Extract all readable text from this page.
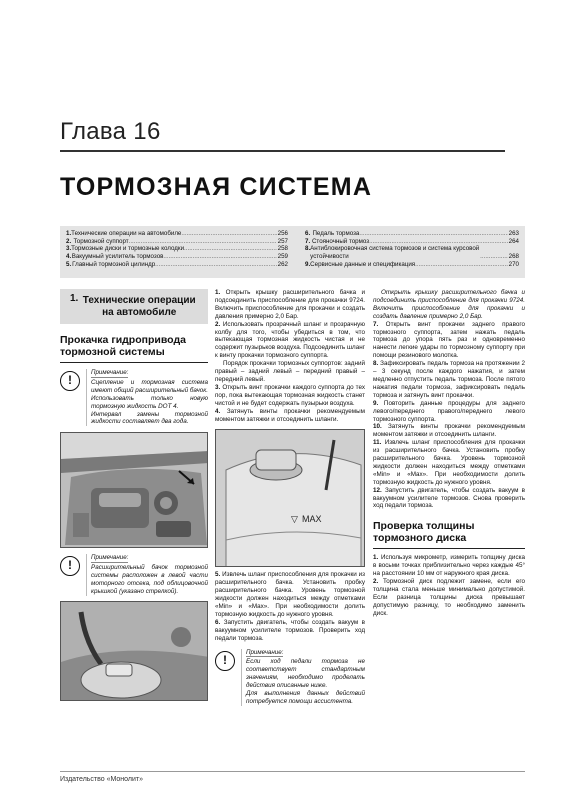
Глава 16
ТОРМОЗНАЯ СИСТЕМА
1. Технические операции на автомобиле .....	256
2. Тормозной суппорт .....	257
3. Тормозные диски и тормозные колодки .....	258
4. Вакуумный усилитель тормозов .....	259
5. Главный тормозной цилиндр .....	262
6. Педаль тормоза .....	263
7. Стояночный тормоз .....	264
8. Антиблокировочная система тормозов и система курсовой устойчивости .....	268
9. Сервисные данные и спецификация .....	270
1. Технические операции на автомобиле
Прокачка гидропривода тормозной системы
!
Примечание:

Сцепление и тормозная система имеют общий расширительный бачок.

Использовать только новую тормозную жидкость DOT 4.

Интервал замены тормозной жидкости составляет два года.

!
Примечание:

Расширительный бачок тормозной системы расположен в левой части моторного отсека, под облицовочной крышкой (указано стрелкой).

1. Открыть крышку расширительного бачка и подсоединить приспособление для прокачки 9724. Включить приспособление для прокачки и создать давления примерно 2,0 Бар.

2. Использовать прозрачный шланг и прозрачную колбу для того, чтобы убедиться в том, что вытекающая тормозная жидкость чистая и не содержит пузырьков воздуха. Подсоединить шланг к винту прокачки тормозного суппорта.

Порядок прокачки тормозных суппортов: задний правый – задний левый – передний правый – передний левый.

3. Открыть винт прокачки каждого суппорта до тех пор, пока вытекающая тормозная жидкость станет чистой и не будет содержать пузырьки воздуха.

4. Затянуть винты прокачки рекомендуемым моментом затяжки и отсоединить шланги.

▽ MAX

5. Извлечь шланг приспособления для прокачки из расширительного бачка. Установить пробку расширительного бачка. Уровень тормозной жидкости должен находиться между отметками «Min» и «Max». При необходимости долить тормозную жидкость до нужного уровня.

6. Запустить двигатель, чтобы создать вакуум в вакуумном усилителе тормозов. Проверить ход педали тормоза.

!
Примечание:

Если ход педали тормоза не соответствует стандартным значениям, необходимо проделать действия описанные ниже.

Для выполнения данных действий потребуется помощи ассистента.

Открыть крышку расширительного бачка и подсоединить приспособление для прокачки 9724. Включить приспособление для прокачки и создать давление примерно 2,0 Бар.

7. Открыть винт прокачки заднего правого тормозного суппорта, затем нажать педаль тормоза до упора пять раз и одновременно нанести легкие удары по тормозному суппорту при помощи резинового молотка.

8. Зафиксировать педаль тормоза на протяжении 2 – 3 секунд после каждого нажатия, и затем медленно отпустить педаль тормоза. После пятого нажатия педали тормоза, зафиксировать педаль тормоза и затянуть винт прокачки.

9. Повторить данные процедуры для заднего левого/переднего правого/переднего левого тормозного суппорта.

10. Затянуть винты прокачки рекомендуемым моментом затяжки и отсоединить шланги.

11. Извлечь шланг приспособления для прокачки из расширительного бачка. Установить пробку расширительного бачка. Уровень тормозной жидкости должен находиться между отметками «Min» и «Max». При необходимости долить тормозную жидкость до нужного уровня.

12. Запустить двигатель, чтобы создать вакуум в вакуумном усилителе тормозов. Снова проверить ход педали тормоза.

Проверка толщины тормозного диска

1. Используя микрометр, измерить толщину диска в восьми точках приблизительно через каждые 45° на расстоянии 10 мм от наружного края диска.

2. Тормозной диск подлежит замене, если его толщина стала меньше минимально допустимой. Если разница толщины диска превышает допустимую разницу, то необходимо заменить диск.

Издательство «Монолит»
